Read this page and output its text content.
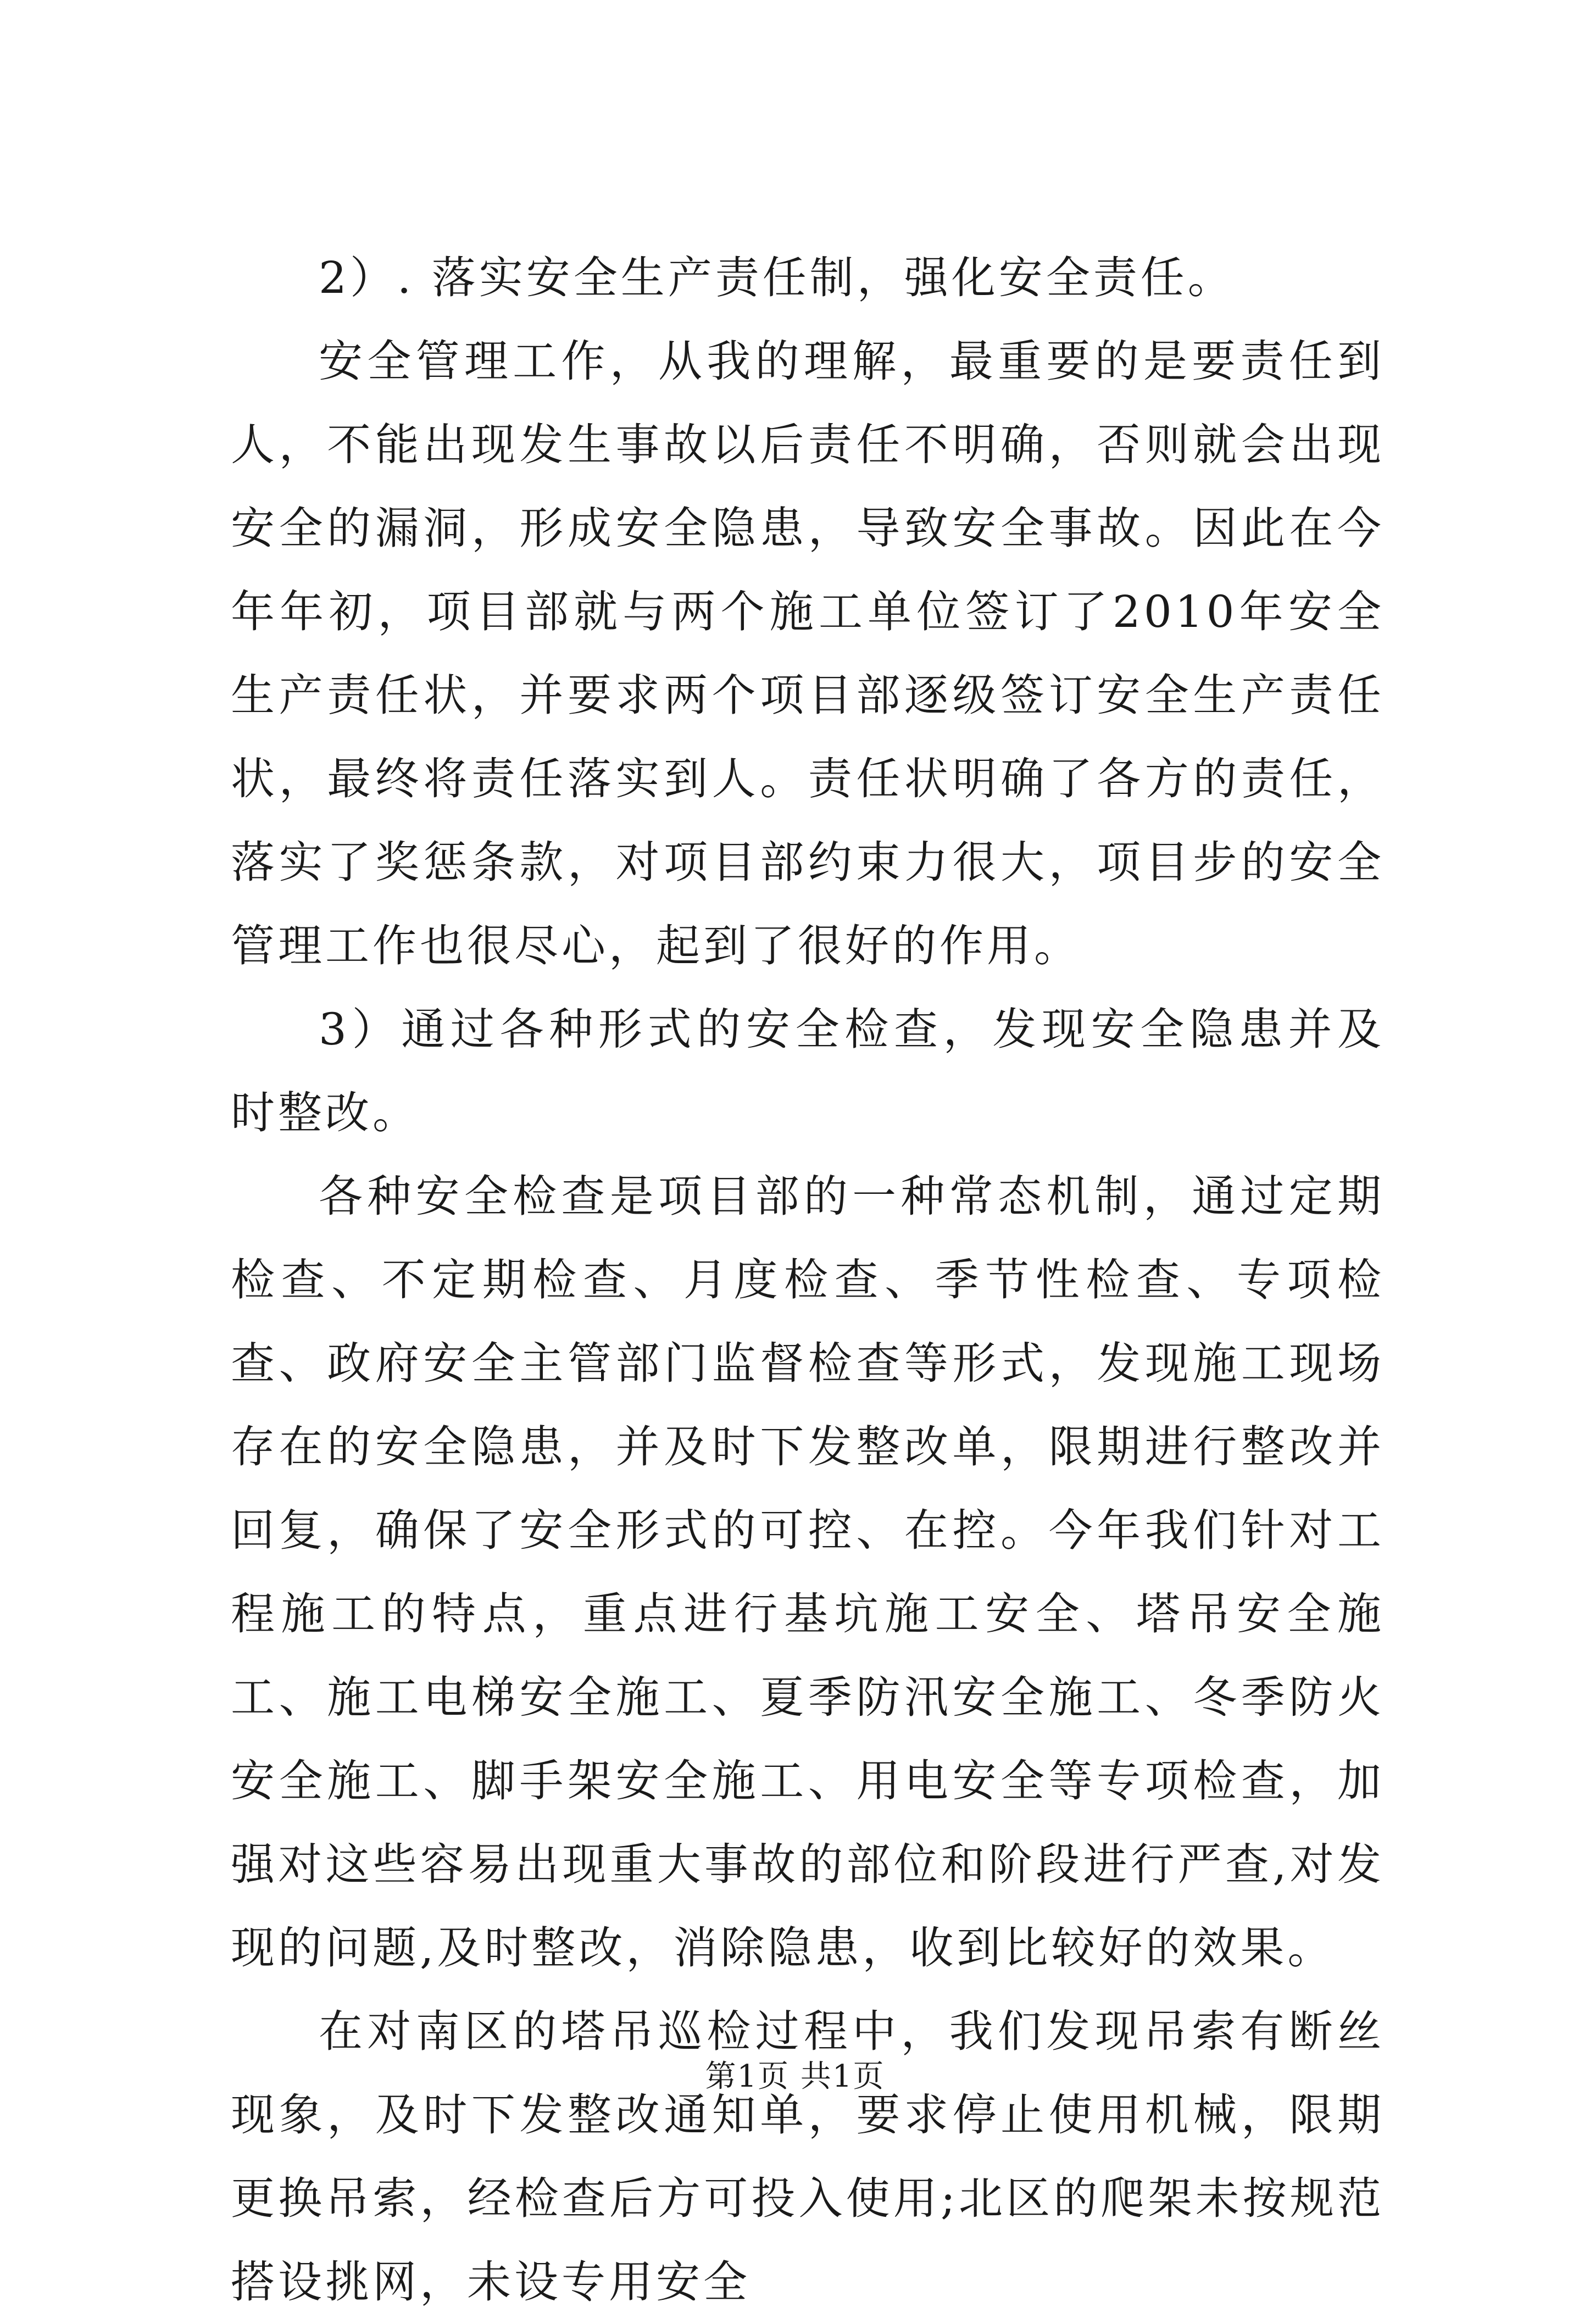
2）. 落实安全生产责任制，强化安全责任。

安全管理工作，从我的理解，最重要的是要责任到人，不能出现发生事故以后责任不明确，否则就会出现安全的漏洞，形成安全隐患，导致安全事故。因此在今年年初，项目部就与两个施工单位签订了2010年安全生产责任状，并要求两个项目部逐级签订安全生产责任状，最终将责任落实到人。责任状明确了各方的责任，落实了奖惩条款，对项目部约束力很大，项目步的安全管理工作也很尽心，起到了很好的作用。

3）通过各种形式的安全检查，发现安全隐患并及时整改。

各种安全检查是项目部的一种常态机制，通过定期检查、不定期检查、月度检查、季节性检查、专项检查、政府安全主管部门监督检查等形式，发现施工现场存在的安全隐患，并及时下发整改单，限期进行整改并回复，确保了安全形式的可控、在控。今年我们针对工程施工的特点，重点进行基坑施工安全、塔吊安全施工、施工电梯安全施工、夏季防汛安全施工、冬季防火安全施工、脚手架安全施工、用电安全等专项检查，加强对这些容易出现重大事故的部位和阶段进行严查,对发现的问题,及时整改，消除隐患，收到比较好的效果。

在对南区的塔吊巡检过程中，我们发现吊索有断丝现象，及时下发整改通知单，要求停止使用机械，限期更换吊索，经检查后方可投入使用;北区的爬架未按规范搭设挑网，未设专用安全

第1页 共1页
